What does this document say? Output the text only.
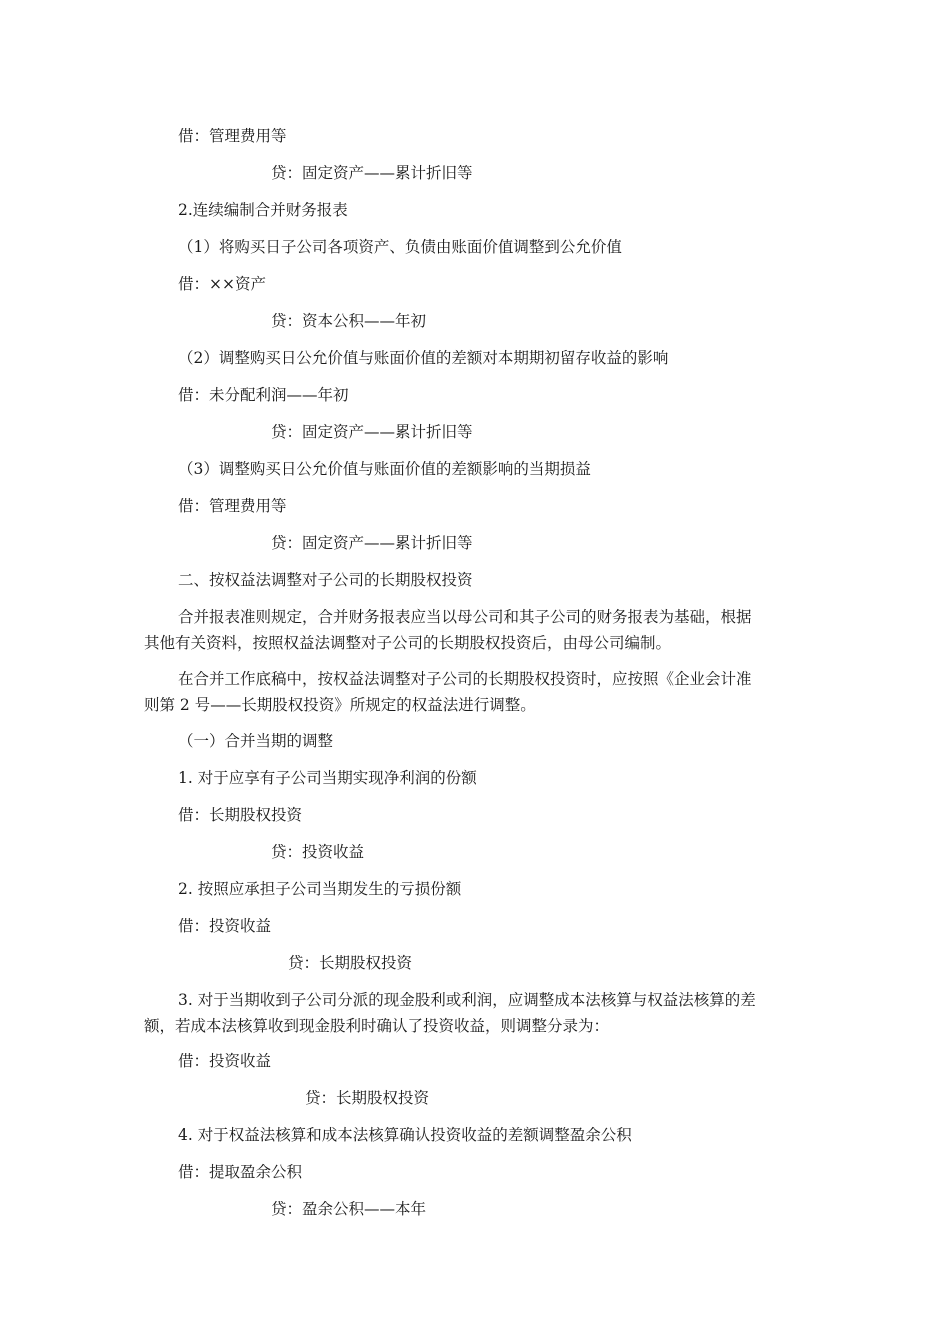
借：管理费用等

贷：固定资产——累计折旧等

2.连续编制合并财务报表

（1）将购买日子公司各项资产、负债由账面价值调整到公允价值

借：××资产

贷：资本公积——年初

（2）调整购买日公允价值与账面价值的差额对本期期初留存收益的影响

借：未分配利润——年初

贷：固定资产——累计折旧等

（3）调整购买日公允价值与账面价值的差额影响的当期损益

借：管理费用等

贷：固定资产——累计折旧等

二、按权益法调整对子公司的长期股权投资

合并报表准则规定，合并财务报表应当以母公司和其子公司的财务报表为基础，根据

其他有关资料，按照权益法调整对子公司的长期股权投资后，由母公司编制。

在合并工作底稿中，按权益法调整对子公司的长期股权投资时，应按照《企业会计准

则第 2 号——长期股权投资》所规定的权益法进行调整。

（一）合并当期的调整

1. 对于应享有子公司当期实现净利润的份额

借：长期股权投资

贷：投资收益

2. 按照应承担子公司当期发生的亏损份额

借：投资收益

贷：长期股权投资

3. 对于当期收到子公司分派的现金股利或利润，应调整成本法核算与权益法核算的差

额，若成本法核算收到现金股利时确认了投资收益，则调整分录为：

借：投资收益

贷：长期股权投资

4. 对于权益法核算和成本法核算确认投资收益的差额调整盈余公积

借：提取盈余公积

贷：盈余公积——本年
